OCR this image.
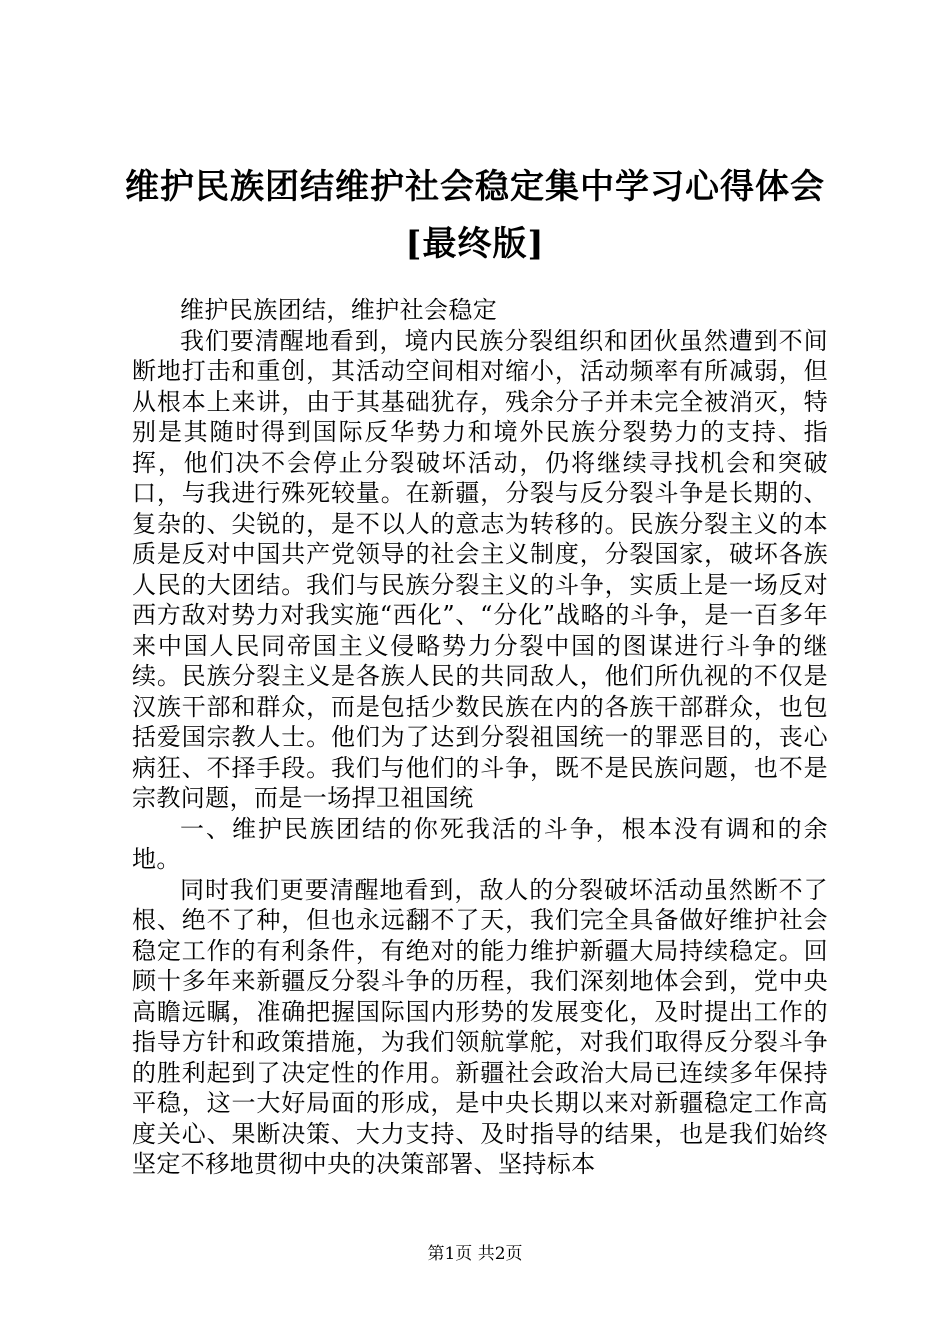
维护民族团结维护社会稳定集中学习心得体会
[最终版]

维护民族团结，维护社会稳定

我们要清醒地看到，境内民族分裂组织和团伙虽然遭到不间断地打击和重创，其活动空间相对缩小，活动频率有所减弱，但从根本上来讲，由于其基础犹存，残余分子并未完全被消灭，特别是其随时得到国际反华势力和境外民族分裂势力的支持、指挥，他们决不会停止分裂破坏活动，仍将继续寻找机会和突破口，与我进行殊死较量。在新疆，分裂与反分裂斗争是长期的、复杂的、尖锐的，是不以人的意志为转移的。民族分裂主义的本质是反对中国共产党领导的社会主义制度，分裂国家，破坏各族人民的大团结。我们与民族分裂主义的斗争，实质上是一场反对西方敌对势力对我实施“西化”、“分化”战略的斗争，是一百多年来中国人民同帝国主义侵略势力分裂中国的图谋进行斗争的继续。民族分裂主义是各族人民的共同敌人，他们所仇视的不仅是汉族干部和群众，而是包括少数民族在内的各族干部群众，也包括爱国宗教人士。他们为了达到分裂祖国统一的罪恶目的，丧心病狂、不择手段。我们与他们的斗争，既不是民族问题，也不是宗教问题，而是一场捍卫祖国统

一、维护民族团结的你死我活的斗争，根本没有调和的余地。

同时我们更要清醒地看到，敌人的分裂破坏活动虽然断不了根、绝不了种，但也永远翻不了天，我们完全具备做好维护社会稳定工作的有利条件，有绝对的能力维护新疆大局持续稳定。回顾十多年来新疆反分裂斗争的历程，我们深刻地体会到，党中央高瞻远瞩，准确把握国际国内形势的发展变化，及时提出工作的指导方针和政策措施，为我们领航掌舵，对我们取得反分裂斗争的胜利起到了决定性的作用。新疆社会政治大局已连续多年保持平稳，这一大好局面的形成，是中央长期以来对新疆稳定工作高度关心、果断决策、大力支持、及时指导的结果，也是我们始终坚定不移地贯彻中央的决策部署、坚持标本

第1页 共2页
